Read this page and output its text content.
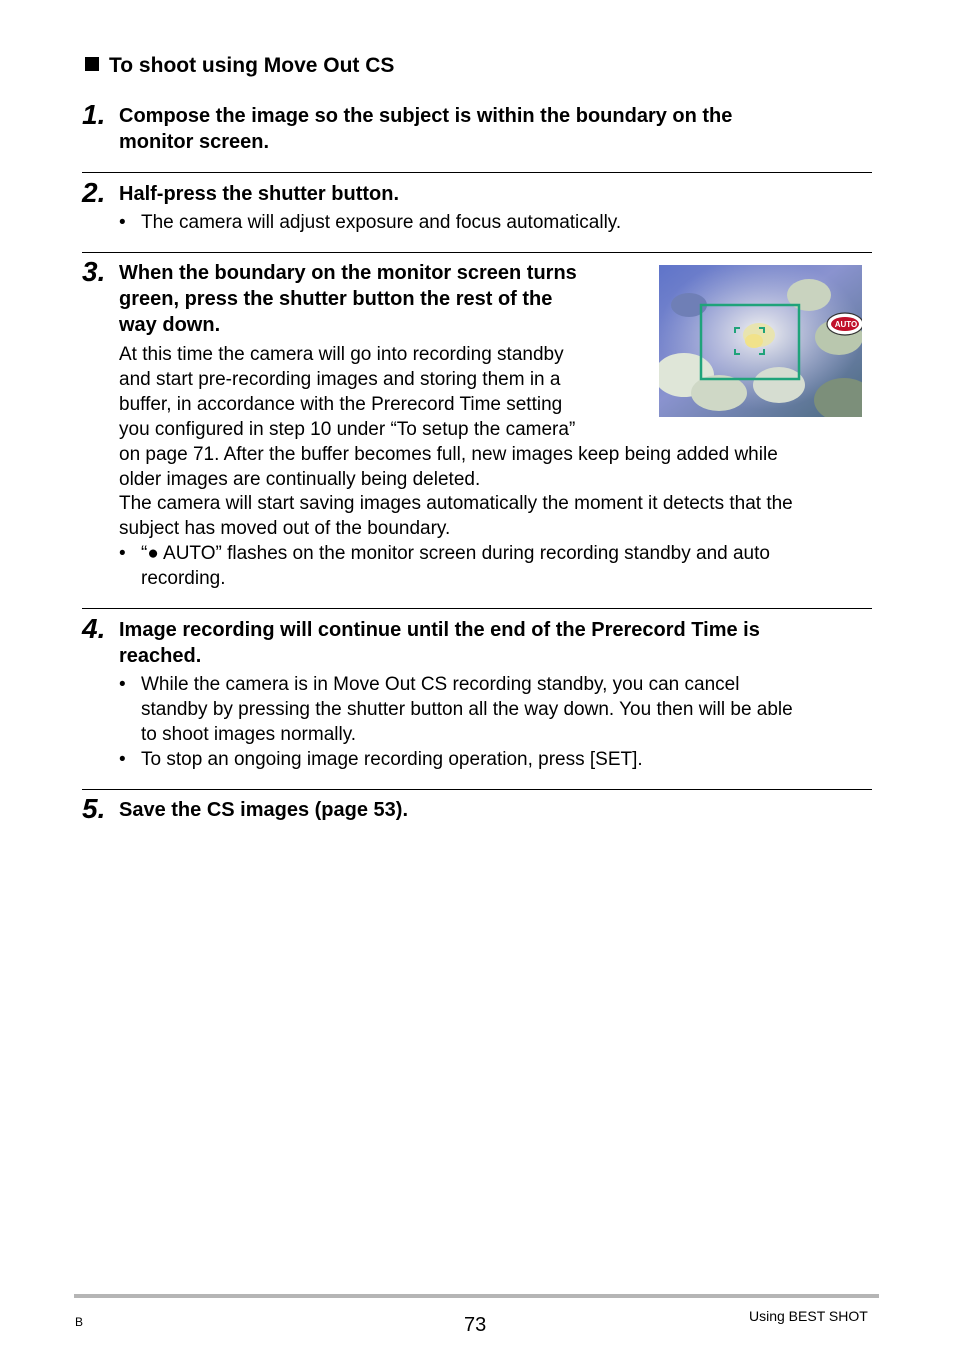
To shoot using Move Out CS
1. Compose the image so the subject is within the boundary on the
monitor screen.
2. Half-press the shutter button.
• The camera will adjust exposure and focus automatically.
3. When the boundary on the monitor screen turns
green, press the shutter button the rest of the
way down.	AUTO
At this time the camera will go into recording standby
and start pre-recording images and storing them in a
buffer, in accordance with the Prerecord Time setting
you configured in step 10 under “To setup the camera”
on page 71. After the buffer becomes full, new images keep being added while
older images are continually being deleted.
The camera will start saving images automatically the moment it detects that the
subject has moved out of the boundary.
• “● AUTO” flashes on the monitor screen during recording standby and auto
recording.
4. Image recording will continue until the end of the Prerecord Time is
reached.
• While the camera is in Move Out CS recording standby, you can cancel
standby by pressing the shutter button all the way down. You then will be able
to shoot images normally.
• To stop an ongoing image recording operation, press [SET].
5. Save the CS images (page 53).
B	73	Using BEST SHOT
